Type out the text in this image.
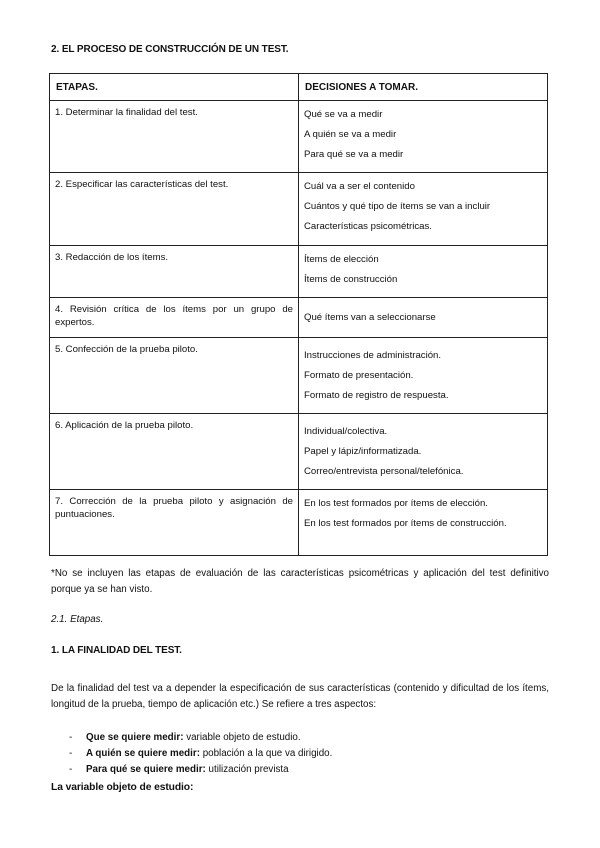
2. EL PROCESO DE CONSTRUCCIÓN DE UN TEST.
ETAPAS.	DECISIONES A TOMAR.
1. Determinar la finalidad del test.	Qué se va a medir
A quién se va a medir
Para qué se va a medir

2. Especificar las características del test.	Cuál va a ser el contenido
Cuántos y qué tipo de ítems se van a incluir
Características psicométricas.

3. Redacción de los ítems.	Ítems de elección
Ítems de construcción

4. Revisión crítica de los ítems por un grupo de expertos.	Qué ítems van a seleccionarse

5. Confección de la prueba piloto.	Instrucciones de administración.
Formato de presentación.
Formato de registro de respuesta.

6. Aplicación de la prueba piloto.	Individual/colectiva.
Papel y lápiz/informatizada.
Correo/entrevista personal/telefónica.

7. Corrección de la prueba piloto y asignación de puntuaciones.	En los test formados por ítems de elección.
En los test formados por ítems de construcción.
*No se incluyen las etapas de evaluación de las características psicométricas y aplicación del test definitivo porque ya se han visto.
2.1. Etapas.
1. LA FINALIDAD DEL TEST.
De la finalidad del test va a depender la especificación de sus características (contenido y dificultad de los ítems, longitud de la prueba, tiempo de aplicación etc.) Se refiere a tres aspectos:
- Que se quiere medir: variable objeto de estudio.
- A quién se quiere medir: población a la que va dirigido.
- Para qué se quiere medir: utilización prevista
La variable objeto de estudio:
